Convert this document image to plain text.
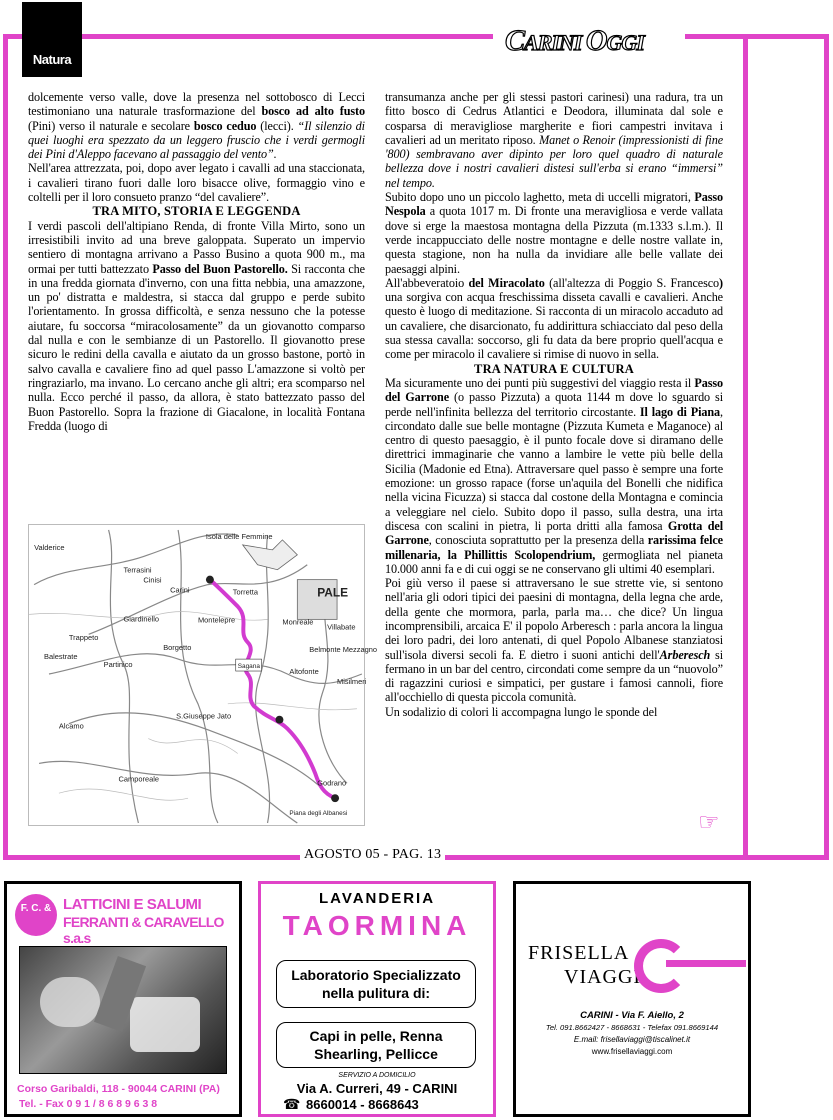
Natura
CARINI OGGI

dolcemente verso valle, dove la presenza nel sottobosco di Lecci testimoniano una naturale trasformazione del bosco ad alto fusto (Pini) verso il naturale e secolare bosco ceduo (lecci). “Il silenzio di quei luoghi era spezzato da un leggero fruscio che i verdi germogli dei Pini d'Aleppo facevano al passaggio del vento”.

Nell'area attrezzata, poi, dopo aver legato i cavalli ad una staccionata, i cavalieri tirano fuori dalle loro bisacce olive, formaggio vino e coltelli per il loro consueto pranzo “del cavaliere”.

TRA MITO, STORIA E LEGGENDA

I verdi pascoli dell'altipiano Renda, di fronte Villa Mirto, sono un irresistibili invito ad una breve galoppata. Superato un impervio sentiero di montagna arrivano a Passo Busino a quota 900 m., ma ormai per tutti battezzato Passo del Buon Pastorello. Si racconta che in una fredda giornata d'inverno, con una fitta nebbia, una amazzone, un po' distratta e maldestra, si stacca dal gruppo e perde subito l'orientamento. In grossa difficoltà, e senza nessuno che la potesse aiutare, fu soccorsa “miracolosamente” da un giovanotto comparso dal nulla e con le sembianze di un Pastorello. Il giovanotto prese sicuro le redini della cavalla e aiutato da un grosso bastone, portò in salvo cavalla e cavaliere fino ad quel passo L'amazzone si voltò per ringraziarlo, ma invano. Lo cercano anche gli altri; era scomparso nel nulla. Ecco perché il passo, da allora, è stato battezzato passo del Buon Pastorello. Sopra la frazione di Giacalone, in località Fontana Fredda (luogo di

Isola delle Femmine
Carini	Torretta	PALE
Montelepre
Giardinello
Trappeto
Balestrate
Partinico
Borgetto
Sagana
Monreale
Belmonte Mezzagno
Altofonte
Alcamo
S.Giuseppe Jato
Camporeale
Piana degli Albanesi
Godrano
Villabate
Misilmeri
Terrasini
Cinisi
Valderice

transumanza anche per gli stessi pastori carinesi) una radura, tra un fitto bosco di Cedrus Atlantici e Deodora, illuminata dal sole e cosparsa di meravigliose margherite e fiori campestri invitava i cavalieri ad un meritato riposo. Manet o Renoir (impressionisti di fine '800) sembravano aver dipinto per loro quel quadro di naturale bellezza dove i nostri cavalieri distesi sull'erba si erano “immersi” nel tempo.

Subito dopo uno un piccolo laghetto, meta di uccelli migratori, Passo Nespola a quota 1017 m. Di fronte una meravigliosa e verde vallata dove si erge la maestosa montagna della Pizzuta (m.1333 s.l.m.). Il verde incappucciato delle nostre montagne e delle nostre vallate in, questa stagione, non ha nulla da invidiare alle belle vallate dei paesaggi alpini.

All'abbeveratoio del Miracolato (all'altezza di Poggio S. Francesco) una sorgiva con acqua freschissima disseta cavalli e cavalieri. Anche questo è luogo di meditazione. Si racconta di un miracolo accaduto ad un cavaliere, che disarcionato, fu addirittura schiacciato dal peso della sua stessa cavalla: soccorso, gli fu data da bere proprio quell'acqua e come per miracolo il cavaliere si rimise di nuovo in sella.

TRA NATURA E CULTURA

Ma sicuramente uno dei punti più suggestivi del viaggio resta il Passo del Garrone (o passo Pizzuta) a quota 1144 m dove lo sguardo si perde nell'infinita bellezza del territorio circostante. Il lago di Piana, circondato dalle sue belle montagne (Pizzuta Kumeta e Maganoce) al centro di questo paesaggio, è il punto focale dove si diramano delle direttrici immaginarie che vanno a lambire le vette più belle della Sicilia (Madonie ed Etna). Attraversare quel passo è sempre una forte emozione: un grosso rapace (forse un'aquila del Bonelli che nidifica nella vicina Ficuzza) si stacca dal costone della Montagna e comincia a veleggiare nel cielo. Subito dopo il passo, sulla destra, una irta discesa con scalini in pietra, li porta dritti alla famosa Grotta del Garrone, conosciuta soprattutto per la presenza della rarissima felce millenaria, la Phillittis Scolopendrium, germogliata nel pianeta 10.000 anni fa e di cui oggi se ne conservano gli ultimi 40 esemplari.

Poi giù verso il paese si attraversano le sue strette vie, si sentono nell'aria gli odori tipici dei paesini di montagna, della legna che arde, della gente che mormora, parla, parla ma… che dice? Un lingua incomprensibili, arcaica E' il popolo Arberesch : parla ancora la lingua dei loro padri, dei loro antenati, di quel Popolo Albanese stanziatosi sull'isola diversi secoli fa. E dietro i suoni antichi dell'Arberesch si fermano in un bar del centro, circondati come sempre da un “nuovolo” di ragazzini curiosi e simpatici, per gustare i famosi cannoli, fiore all'occhiello di questa piccola comunità.

Un sodalizio di colori li accompagna lungo le sponde del

☞
AGOSTO 05 - PAG. 13
F. C. & LATTICINI E SALUMI
FERRANTI & CARAVELLO s.a.s
Corso Garibaldi, 118 - 90044 CARINI (PA)
Tel. - Fax 0 9 1 / 8 6 8 9 6 3 8
LAVANDERIA
TAORMINA
Laboratorio Specializzato
nella pulitura di:
Capi in pelle, Renna
Shearling, Pellicce
SERVIZIO A DOMICILIO
Via A. Curreri, 49 - CARINI
☎ 8660014 - 8668643
FRISELLA
VIAGGI
CARINI - Via F. Aiello, 2
Tel. 091.8662427 - 8668631 - Telefax 091.8669144
E.mail: frisellaviaggi@tiscalinet.it
www.frisellaviaggi.com
